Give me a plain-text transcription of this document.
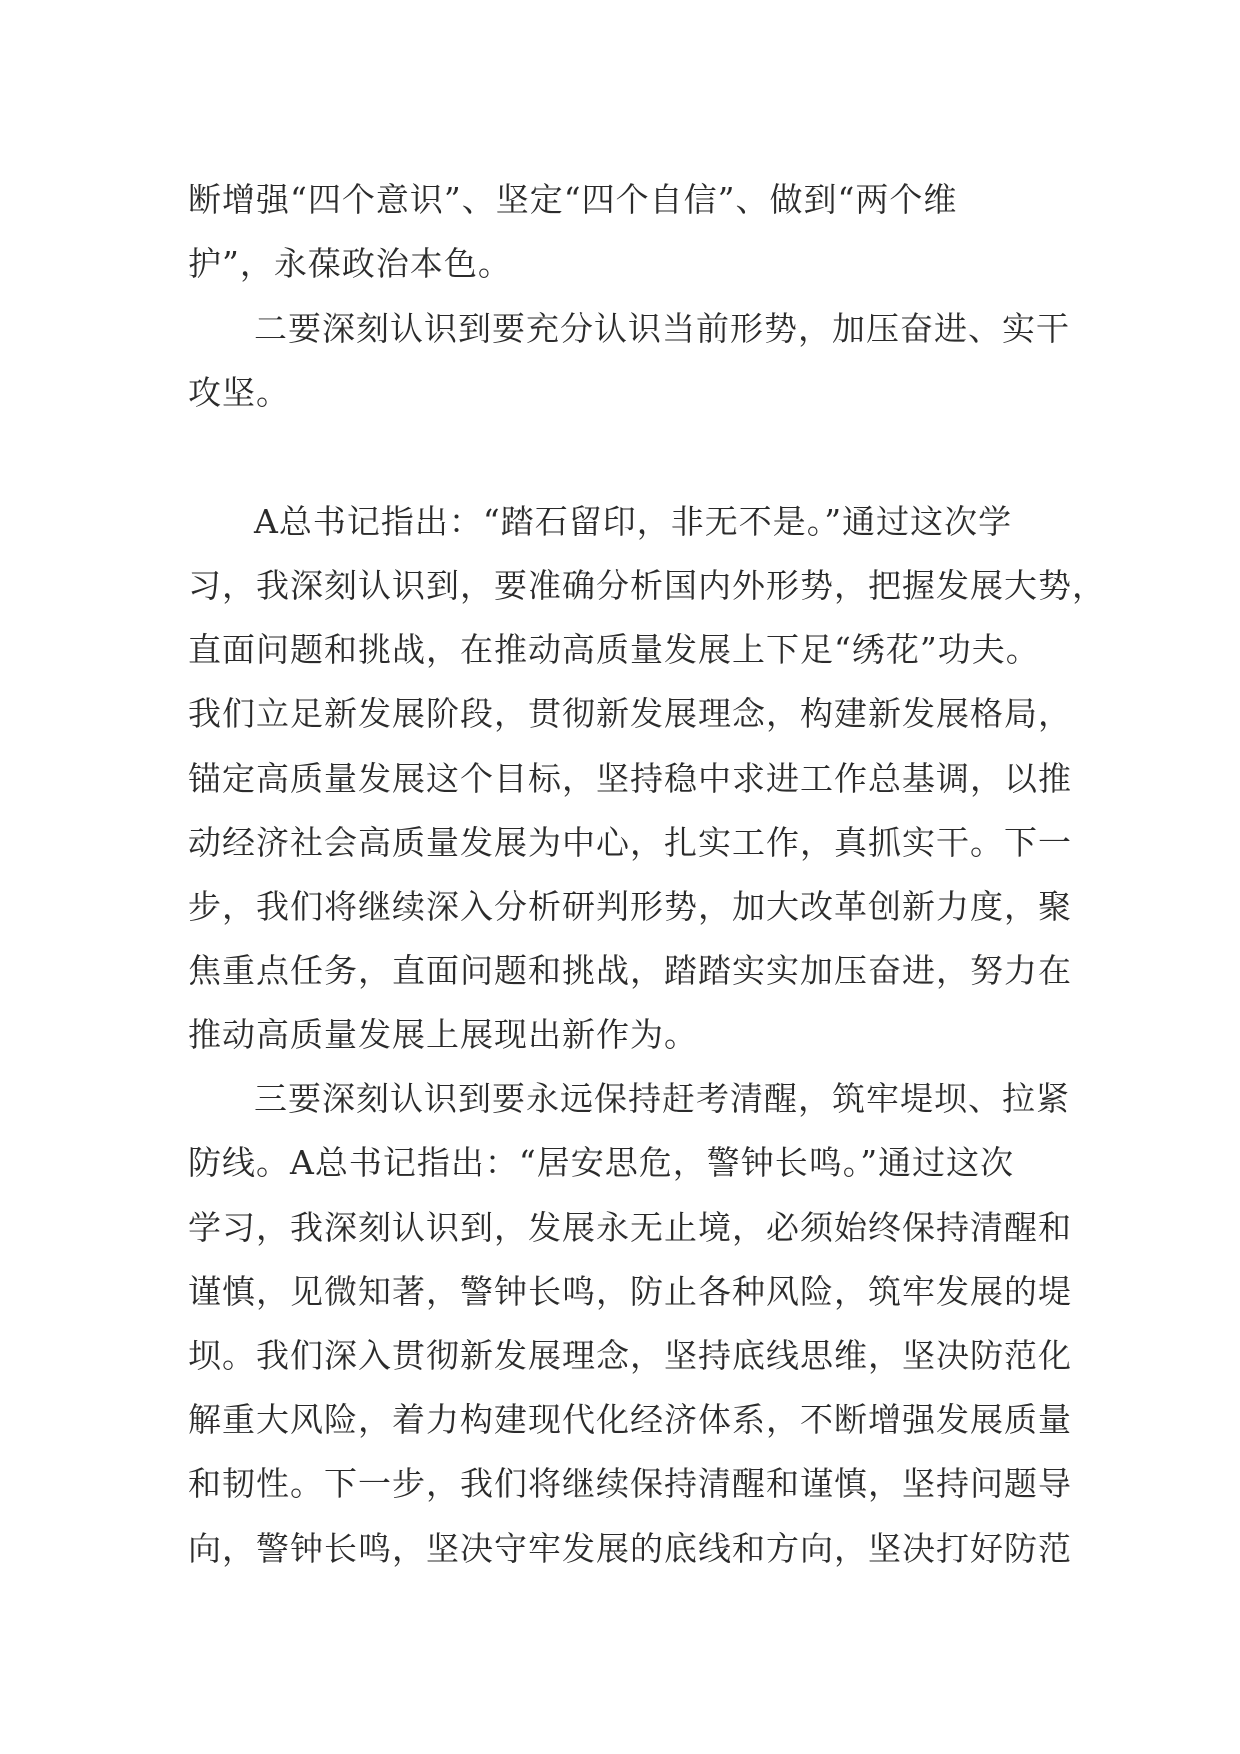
断增强“四个意识”、坚定“四个自信”、做到“两个维
护”，永葆政治本色。
二要深刻认识到要充分认识当前形势，加压奋进、实干
攻坚。
A总书记指出：“踏石留印，非无不是。”通过这次学
习，我深刻认识到，要准确分析国内外形势，把握发展大势，
直面问题和挑战，在推动高质量发展上下足“绣花”功夫。
我们立足新发展阶段，贯彻新发展理念，构建新发展格局，
锚定高质量发展这个目标，坚持稳中求进工作总基调，以推
动经济社会高质量发展为中心，扎实工作，真抓实干。下一
步，我们将继续深入分析研判形势，加大改革创新力度，聚
焦重点任务，直面问题和挑战，踏踏实实加压奋进，努力在
推动高质量发展上展现出新作为。
三要深刻认识到要永远保持赶考清醒，筑牢堤坝、拉紧
防线。A总书记指出：“居安思危，警钟长鸣。”通过这次
学习，我深刻认识到，发展永无止境，必须始终保持清醒和
谨慎，见微知著，警钟长鸣，防止各种风险，筑牢发展的堤
坝。我们深入贯彻新发展理念，坚持底线思维，坚决防范化
解重大风险，着力构建现代化经济体系，不断增强发展质量
和韧性。下一步，我们将继续保持清醒和谨慎，坚持问题导
向，警钟长鸣，坚决守牢发展的底线和方向，坚决打好防范
